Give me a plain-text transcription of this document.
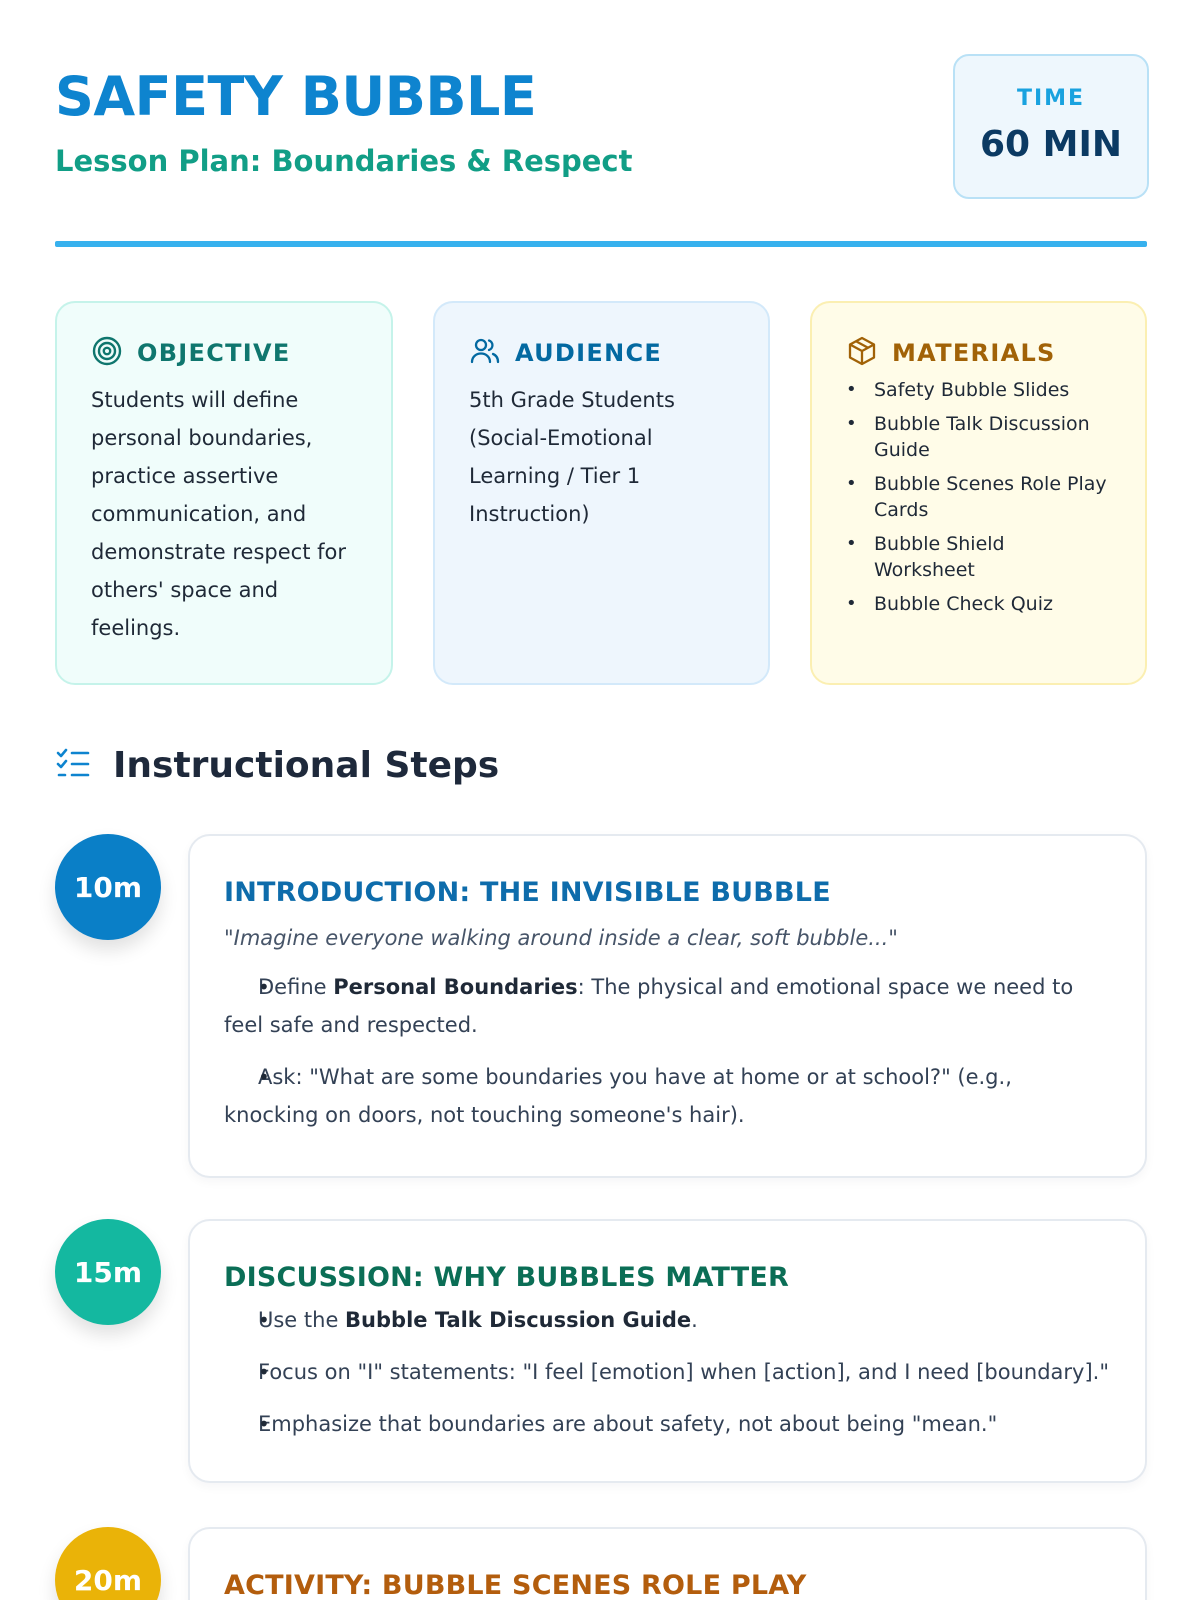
SAFETY BUBBLE
Lesson Plan: Boundaries & Respect
TIME
60 MIN
OBJECTIVE
Students will define personal boundaries, practice assertive communication, and demonstrate respect for others' space and feelings.
AUDIENCE
5th Grade Students (Social-Emotional Learning / Tier 1 Instruction)
MATERIALS
• Safety Bubble Slides
• Bubble Talk Discussion Guide
• Bubble Scenes Role Play Cards
• Bubble Shield Worksheet
• Bubble Check Quiz
Instructional Steps
10m	INTRODUCTION: THE INVISIBLE BUBBLE
"Imagine everyone walking around inside a clear, soft bubble..."
• Define Personal Boundaries: The physical and emotional space we need to feel safe and respected.
• Ask: "What are some boundaries you have at home or at school?" (e.g., knocking on doors, not touching someone's hair).
15m	DISCUSSION: WHY BUBBLES MATTER
• Use the Bubble Talk Discussion Guide.
• Focus on "I" statements: "I feel [emotion] when [action], and I need [boundary]."
• Emphasize that boundaries are about safety, not about being "mean."
20m	ACTIVITY: BUBBLE SCENES ROLE PLAY
